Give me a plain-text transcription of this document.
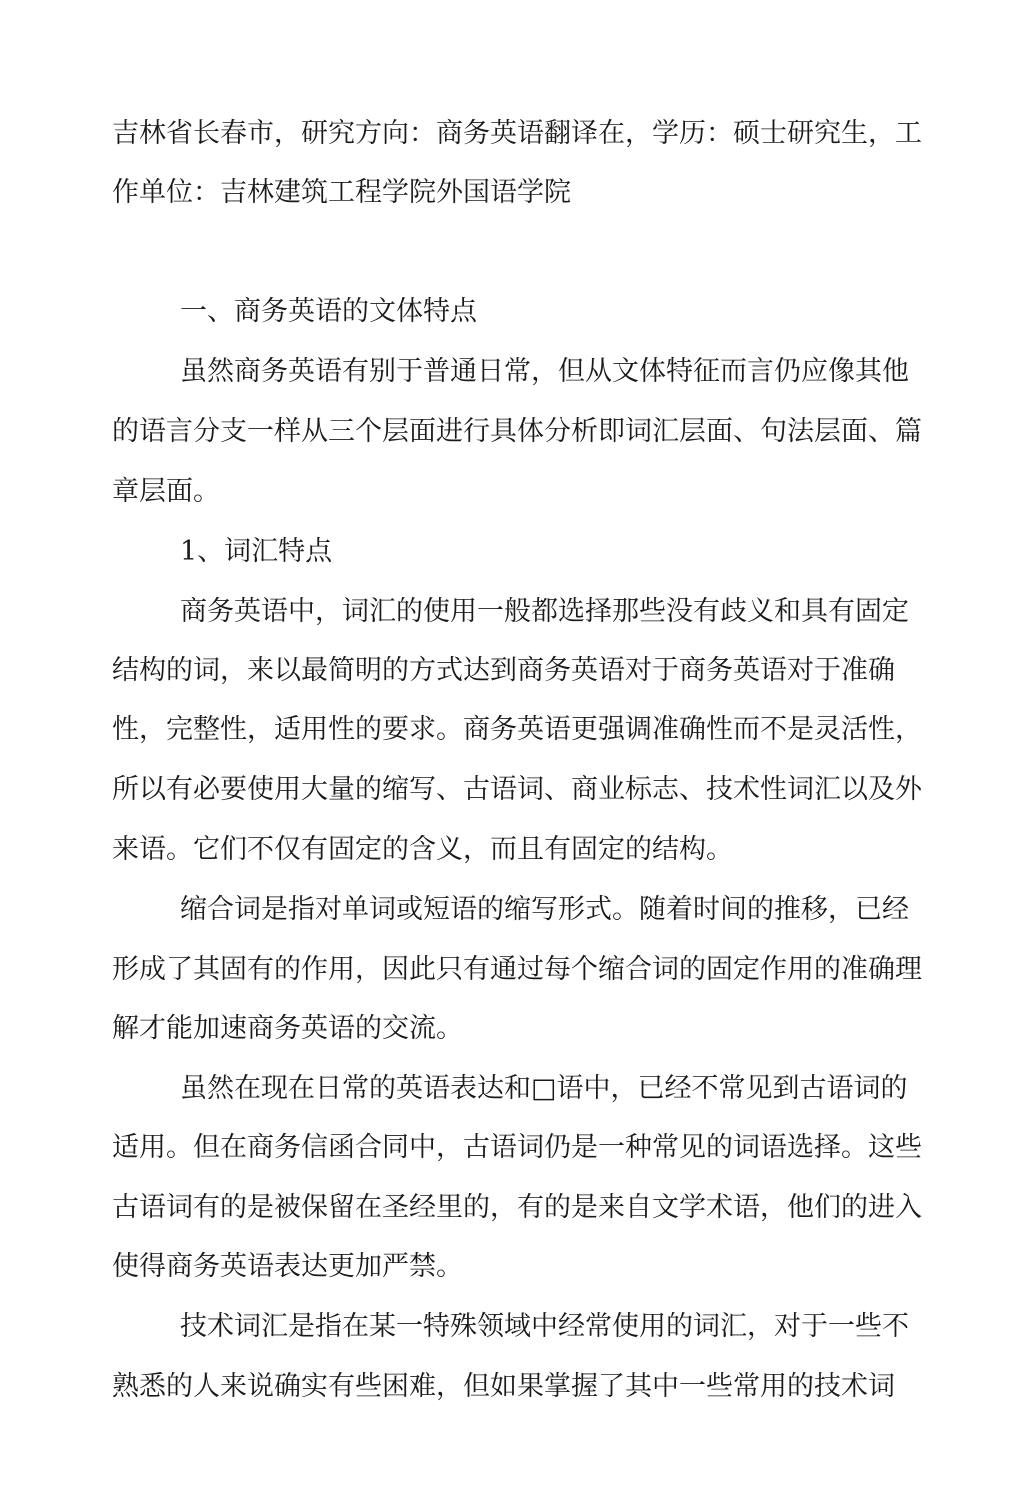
吉林省长春市，研究方向：商务英语翻译在，学历：硕士研究生，工
作单位：吉林建筑工程学院外国语学院
一、商务英语的文体特点
虽然商务英语有别于普通日常，但从文体特征而言仍应像其他
的语言分支一样从三个层面进行具体分析即词汇层面、句法层面、篇
章层面。
1、词汇特点
商务英语中，词汇的使用一般都选择那些没有歧义和具有固定
结构的词，来以最简明的方式达到商务英语对于商务英语对于准确
性，完整性，适用性的要求。商务英语更强调准确性而不是灵活性，
所以有必要使用大量的缩写、古语词、商业标志、技术性词汇以及外
来语。它们不仅有固定的含义，而且有固定的结构。
缩合词是指对单词或短语的缩写形式。随着时间的推移，已经
形成了其固有的作用，因此只有通过每个缩合词的固定作用的准确理
解才能加速商务英语的交流。
虽然在现在日常的英语表达和□语中，已经不常见到古语词的
适用。但在商务信函合同中，古语词仍是一种常见的词语选择。这些
古语词有的是被保留在圣经里的，有的是来自文学术语，他们的进入
使得商务英语表达更加严禁。
技术词汇是指在某一特殊领域中经常使用的词汇，对于一些不
熟悉的人来说确实有些困难，但如果掌握了其中一些常用的技术词
